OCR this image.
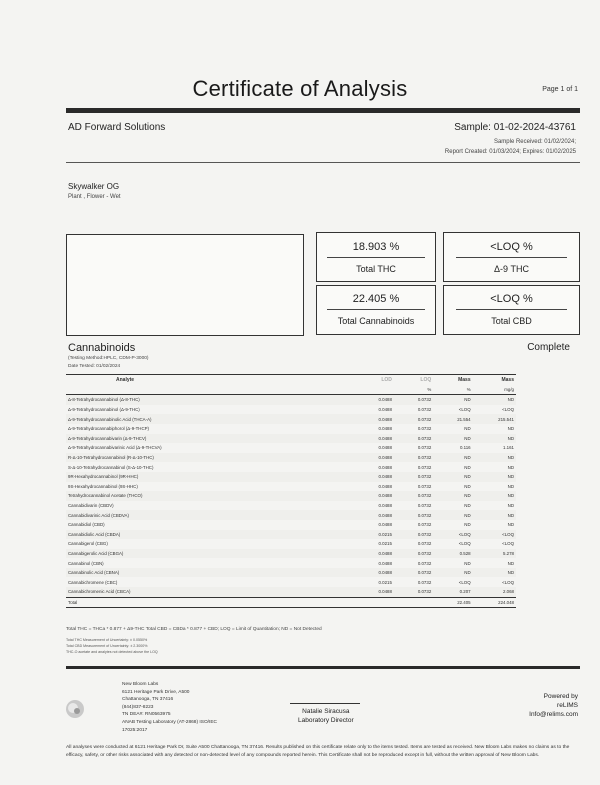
Certificate of Analysis	Page 1 of 1
AD Forward Solutions	Sample: 01-02-2024-43761
Sample Received: 01/02/2024;
Report Created: 01/03/2024; Expires: 01/02/2025
Skywalker OG
Plant , Flower - Wet
18.903 %
Total THC
<LOQ %
Δ-9 THC
22.405 %
Total Cannabinoids
<LOQ %
Total CBD
Cannabinoids	Complete
(Testing Method:HPLC, CDM-P-3000)
Date Tested: 01/02/2024
Analyte	LOD	LOQ	Mass	Mass
		%	%	mg/g
Δ-8-Tetrahydrocannabinol (Δ-8-THC)	0.0488	0.0732	ND	ND
Δ-9-Tetrahydrocannabinol (Δ-9-THC)	0.0488	0.0732	<LOQ	<LOQ
Δ-9-Tetrahydrocannabinolic Acid (THCA-A)	0.0488	0.0732	21.554	215.541
Δ-9-Tetrahydrocannabiphorol (Δ-9-THCP)	0.0488	0.0732	ND	ND
Δ-9-Tetrahydrocannabivarin (Δ-9-THCV)	0.0488	0.0732	ND	ND
Δ-9-Tetrahydrocannabivarinic Acid (Δ-9-THCVA)	0.0488	0.0732	0.116	1.161
R-Δ-10-Tetrahydrocannabinol (R-Δ-10-THC)	0.0488	0.0732	ND	ND
S-Δ-10-Tetrahydrocannabinol (S-Δ-10-THC)	0.0488	0.0732	ND	ND
9R-Hexahydrocannabinol (9R-HHC)	0.0488	0.0732	ND	ND
9S-Hexahydrocannabinol (9S-HHC)	0.0488	0.0732	ND	ND
Tetrahydrocannabinol Acetate (THCO)	0.0488	0.0732	ND	ND
Cannabidivarin (CBDV)	0.0488	0.0732	ND	ND
Cannabidivarinic Acid (CBDVA)	0.0488	0.0732	ND	ND
Cannabidiol (CBD)	0.0488	0.0732	ND	ND
Cannabidiolic Acid (CBDA)	0.0215	0.0732	<LOQ	<LOQ
Cannabigerol (CBG)	0.0215	0.0732	<LOQ	<LOQ
Cannabigerolic Acid (CBGA)	0.0488	0.0732	0.528	5.278
Cannabinol (CBN)	0.0488	0.0732	ND	ND
Cannabinolic Acid (CBNA)	0.0488	0.0732	ND	ND
Cannabichromene (CBC)	0.0215	0.0732	<LOQ	<LOQ
Cannabichromenic Acid (CBCA)	0.0488	0.0732	0.207	2.068
Total			22.405	224.048
Total THC = THCa * 0.877 + Δ9-THC Total CBD = CBDa * 0.877 + CBD; LOQ = Limit of Quantitation; ND = Not Detected
Total THC Measurement of Uncertainty: ± 0.0550%
Total CBD Measurement of Uncertainty: ± 2.3000%
THC-O acetate and analytes not detected above the LOQ
New Bloom Labs
6121 Heritage Park Drive, A500
Chattanooga, TN 37416
(844)837-8223
TN DEA#: RN0563975
ANAB Testing Laboratory (AT-2868) ISO/IEC
17025:2017
Natalie Siracusa
Laboratory Director
Powered by
reLIMS
Info@relims.com
All analyses were conducted at 6121 Heritage Park Dr, Suite A500 Chattanooga, TN 37416. Results published on this certificate relate only to the items tested. Items are tested as received. New Bloom Labs makes no claims as to the efficacy, safety, or other risks associated with any detected or non-detected level of any compounds reported herein. This Certificate shall not be reproduced except in full, without the written approval of New Bloom Labs.
